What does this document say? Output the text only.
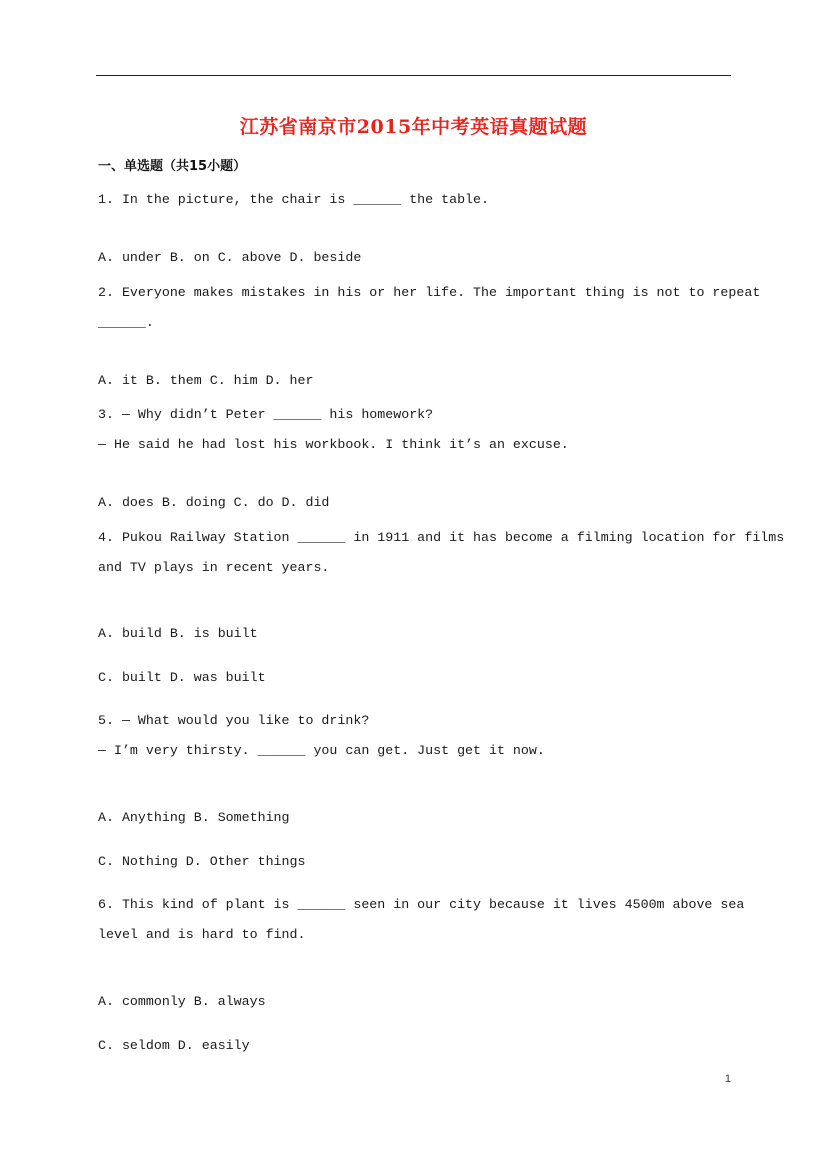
江苏省南京市2015年中考英语真题试题
一、单选题（共15小题）
1. In the picture, the chair is ______ the table.
A. under B. on C. above D. beside
2. Everyone makes mistakes in his or her life. The important thing is not to repeat
______.
A. it B. them C. him D. her
3. — Why didn’t Peter ______ his homework?
— He said he had lost his workbook. I think it’s an excuse.
A. does B. doing C. do D. did
4. Pukou Railway Station ______ in 1911 and it has become a filming location for films
and TV plays in recent years.
A. build B. is built
C. built D. was built
5. — What would you like to drink?
— I’m very thirsty. ______ you can get. Just get it now.
A. Anything B. Something
C. Nothing D. Other things
6. This kind of plant is ______ seen in our city because it lives 4500m above sea
level and is hard to find.
A. commonly B. always
C. seldom D. easily
1
